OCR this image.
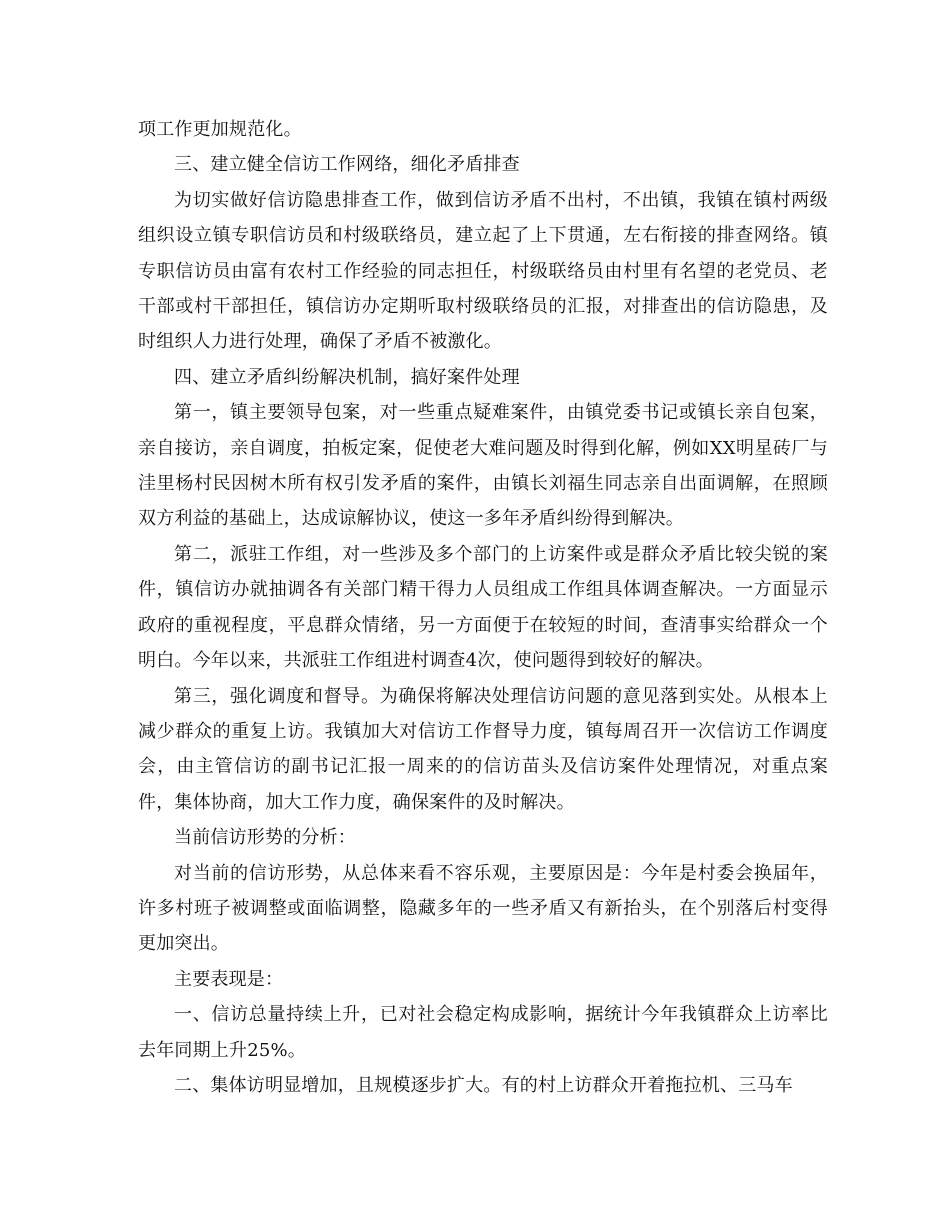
项工作更加规范化。

三、建立健全信访工作网络，细化矛盾排查

为切实做好信访隐患排查工作，做到信访矛盾不出村，不出镇，我镇在镇村两级组织设立镇专职信访员和村级联络员，建立起了上下贯通，左右衔接的排查网络。镇专职信访员由富有农村工作经验的同志担任，村级联络员由村里有名望的老党员、老干部或村干部担任，镇信访办定期听取村级联络员的汇报，对排查出的信访隐患，及时组织人力进行处理，确保了矛盾不被激化。

四、建立矛盾纠纷解决机制，搞好案件处理

第一，镇主要领导包案，对一些重点疑难案件，由镇党委书记或镇长亲自包案，亲自接访，亲自调度，拍板定案，促使老大难问题及时得到化解，例如XX明星砖厂与洼里杨村民因树木所有权引发矛盾的案件，由镇长刘福生同志亲自出面调解，在照顾双方利益的基础上，达成谅解协议，使这一多年矛盾纠纷得到解决。

第二，派驻工作组，对一些涉及多个部门的上访案件或是群众矛盾比较尖锐的案件，镇信访办就抽调各有关部门精干得力人员组成工作组具体调查解决。一方面显示政府的重视程度，平息群众情绪，另一方面便于在较短的时间，查清事实给群众一个明白。今年以来，共派驻工作组进村调查4次，使问题得到较好的解决。

第三，强化调度和督导。为确保将解决处理信访问题的意见落到实处。从根本上减少群众的重复上访。我镇加大对信访工作督导力度，镇每周召开一次信访工作调度会，由主管信访的副书记汇报一周来的的信访苗头及信访案件处理情况，对重点案件，集体协商，加大工作力度，确保案件的及时解决。

当前信访形势的分析：

对当前的信访形势，从总体来看不容乐观，主要原因是：今年是村委会换届年，许多村班子被调整或面临调整，隐藏多年的一些矛盾又有新抬头，在个别落后村变得更加突出。

主要表现是：

一、信访总量持续上升，已对社会稳定构成影响，据统计今年我镇群众上访率比去年同期上升25%。

二、集体访明显增加，且规模逐步扩大。有的村上访群众开着拖拉机、三马车
